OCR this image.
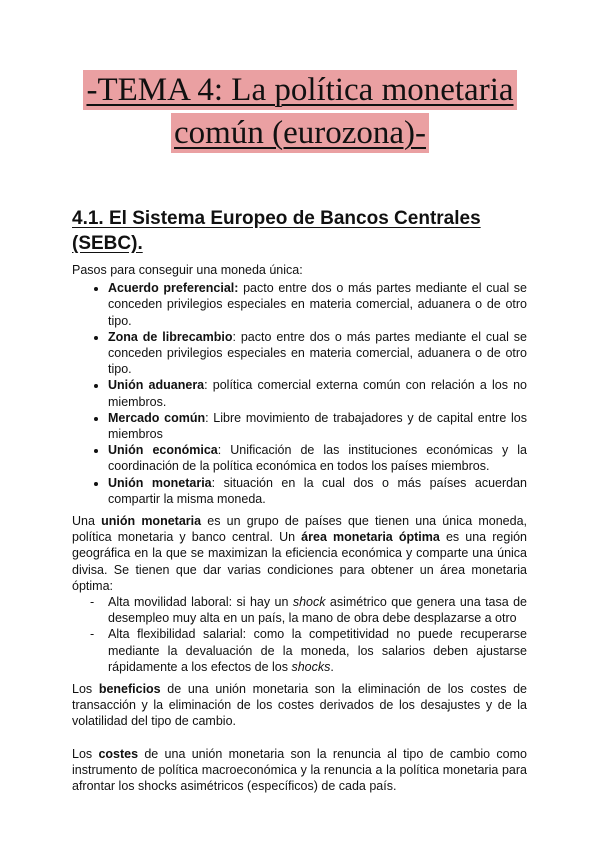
-TEMA 4: La política monetaria
común (eurozona)-
4.1. El Sistema Europeo de Bancos Centrales
(SEBC).

Pasos para conseguir una moneda única:

• Acuerdo preferencial: pacto entre dos o más partes mediante el cual se conceden privilegios especiales en materia comercial, aduanera o de otro tipo.
• Zona de librecambio: pacto entre dos o más partes mediante el cual se conceden privilegios especiales en materia comercial, aduanera o de otro tipo.
• Unión aduanera: política comercial externa común con relación a los no miembros.
• Mercado común: Libre movimiento de trabajadores y de capital entre los miembros
• Unión económica: Unificación de las instituciones económicas y la coordinación de la política económica en todos los países miembros.
• Unión monetaria: situación en la cual dos o más países acuerdan compartir la misma moneda.

Una unión monetaria es un grupo de países que tienen una única moneda, política monetaria y banco central. Un área monetaria óptima es una región geográfica en la que se maximizan la eficiencia económica y comparte una única divisa. Se tienen que dar varias condiciones para obtener un área monetaria óptima:

- Alta movilidad laboral: si hay un shock asimétrico que genera una tasa de desempleo muy alta en un país, la mano de obra debe desplazarse a otro
- Alta flexibilidad salarial: como la competitividad no puede recuperarse mediante la devaluación de la moneda, los salarios deben ajustarse rápidamente a los efectos de los shocks.

Los beneficios de una unión monetaria son la eliminación de los costes de transacción y la eliminación de los costes derivados de los desajustes y de la volatilidad del tipo de cambio.

Los costes de una unión monetaria son la renuncia al tipo de cambio como instrumento de política macroeconómica y la renuncia a la política monetaria para afrontar los shocks asimétricos (específicos) de cada país.
